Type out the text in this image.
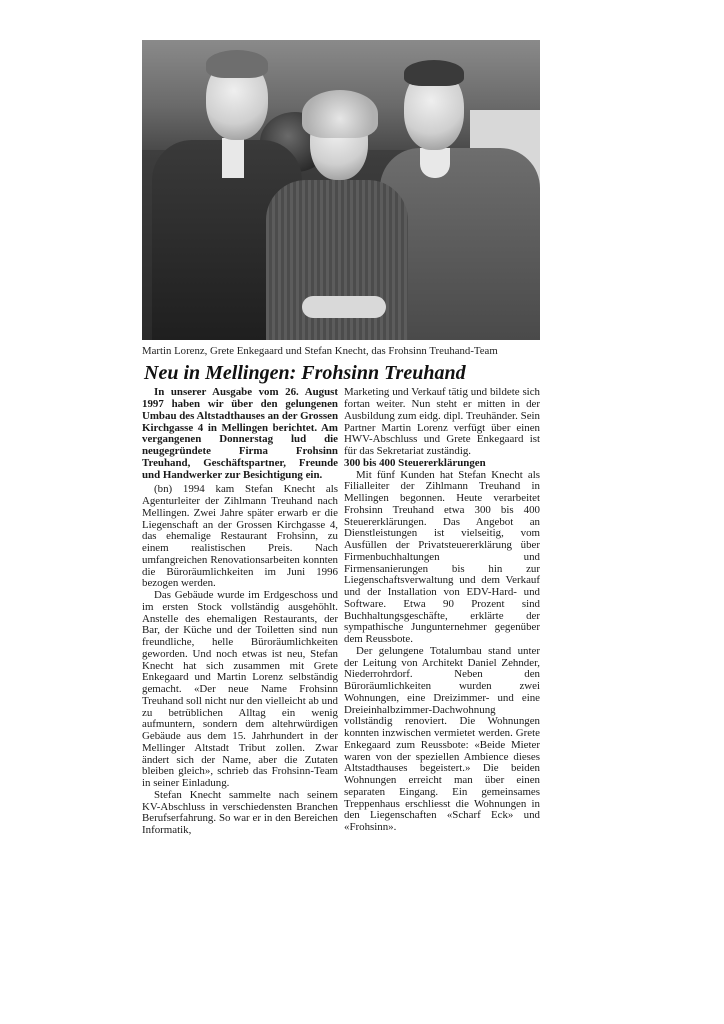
Martin Lorenz, Grete Enkegaard und Stefan Knecht, das Frohsinn Treuhand-Team

Neu in Mellingen: Frohsinn Treuhand

In unserer Ausgabe vom 26. August 1997 haben wir über den gelungenen Umbau des Altstadthauses an der Grossen Kirchgasse 4 in Mellingen berichtet. Am vergangenen Donnerstag lud die neugegründete Firma Frohsinn Treuhand, Geschäftspartner, Freunde und Handwerker zur Besichtigung ein.

(bn) 1994 kam Stefan Knecht als Agenturleiter der Zihlmann Treuhand nach Mellingen. Zwei Jahre später erwarb er die Liegenschaft an der Grossen Kirchgasse 4, das ehemalige Restaurant Frohsinn, zu einem realistischen Preis. Nach umfangreichen Renovationsarbeiten konnten die Büroräumlichkeiten im Juni 1996 bezogen werden.

Das Gebäude wurde im Erdgeschoss und im ersten Stock vollständig ausgehöhlt. Anstelle des ehemaligen Restaurants, der Bar, der Küche und der Toiletten sind nun freundliche, helle Büroräumlichkeiten geworden. Und noch etwas ist neu, Stefan Knecht hat sich zusammen mit Grete Enkegaard und Martin Lorenz selbständig gemacht. «Der neue Name Frohsinn Treuhand soll nicht nur den vielleicht ab und zu betrüblichen Alltag ein wenig aufmuntern, sondern dem altehrwürdigen Gebäude aus dem 15. Jahrhundert in der Mellinger Altstadt Tribut zollen. Zwar ändert sich der Name, aber die Zutaten bleiben gleich», schrieb das Frohsinn-Team in seiner Einladung.

Stefan Knecht sammelte nach seinem KV-Abschluss in verschiedensten Branchen Berufserfahrung. So war er in den Bereichen Informatik,

Marketing und Verkauf tätig und bildete sich fortan weiter. Nun steht er mitten in der Ausbildung zum eidg. dipl. Treuhänder. Sein Partner Martin Lorenz verfügt über einen HWV-Abschluss und Grete Enkegaard ist für das Sekretariat zuständig.

300 bis 400 Steuererklärungen

Mit fünf Kunden hat Stefan Knecht als Filialleiter der Zihlmann Treuhand in Mellingen begonnen. Heute verarbeitet Frohsinn Treuhand etwa 300 bis 400 Steuererklärungen. Das Angebot an Dienstleistungen ist vielseitig, vom Ausfüllen der Privatsteuererklärung über Firmenbuchhaltungen und Firmensanierungen bis hin zur Liegenschaftsverwaltung und dem Verkauf und der Installation von EDV-Hard- und Software. Etwa 90 Prozent sind Buchhaltungsgeschäfte, erklärte der sympathische Jungunternehmer gegenüber dem Reussbote.

Der gelungene Totalumbau stand unter der Leitung von Architekt Daniel Zehnder, Niederrohrdorf. Neben den Büroräumlichkeiten wurden zwei Wohnungen, eine Dreizimmer- und eine Dreieinhalbzimmer-Dachwohnung vollständig renoviert. Die Wohnungen konnten inzwischen vermietet werden. Grete Enkegaard zum Reussbote: «Beide Mieter waren von der speziellen Ambience dieses Altstadthauses begeistert.» Die beiden Wohnungen erreicht man über einen separaten Eingang. Ein gemeinsames Treppenhaus erschliesst die Wohnungen in den Liegenschaften «Scharf Eck» und «Frohsinn».
